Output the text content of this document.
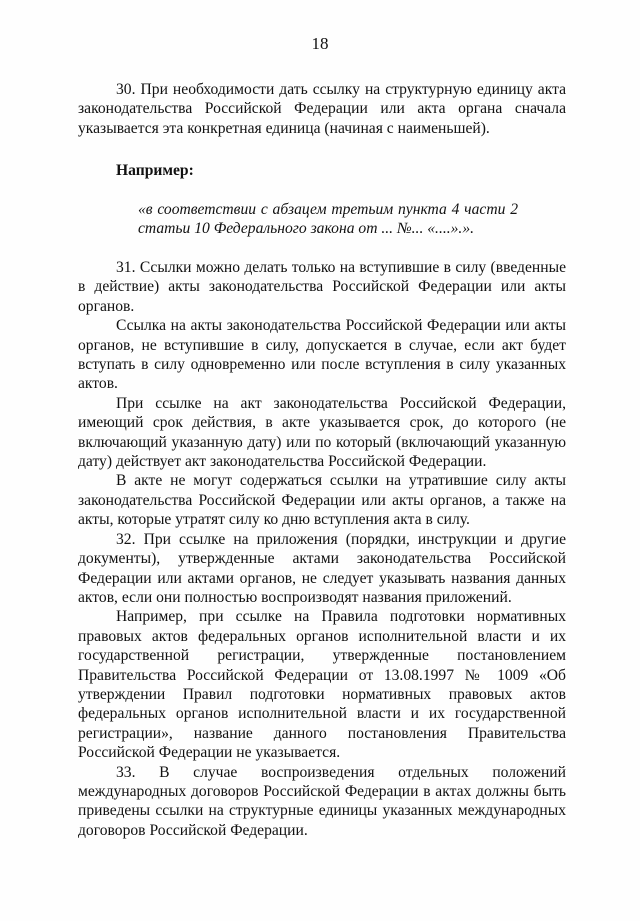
18

30. При необходимости дать ссылку на структурную единицу акта законодательства Российской Федерации или акта органа сначала указывается эта конкретная единица (начиная с наименьшей).

Например:
«в соответствии с абзацем третьим пункта 4 части 2 статьи 10 Федерального закона от ... №... «....».».

31. Ссылки можно делать только на вступившие в силу (введенные в действие) акты законодательства Российской Федерации или акты органов.

Ссылка на акты законодательства Российской Федерации или акты органов, не вступившие в силу, допускается в случае, если акт будет вступать в силу одновременно или после вступления в силу указанных актов.

При ссылке на акт законодательства Российской Федерации, имеющий срок действия, в акте указывается срок, до которого (не включающий указанную дату) или по который (включающий указанную дату) действует акт законодательства Российской Федерации.

В акте не могут содержаться ссылки на утратившие силу акты законодательства Российской Федерации или акты органов, а также на акты, которые утратят силу ко дню вступления акта в силу.

32. При ссылке на приложения (порядки, инструкции и другие документы), утвержденные актами законодательства Российской Федерации или актами органов, не следует указывать названия данных актов, если они полностью воспроизводят названия приложений.

Например, при ссылке на Правила подготовки нормативных правовых актов федеральных органов исполнительной власти и их государственной регистрации, утвержденные постановлением Правительства Российской Федерации от 13.08.1997 № 1009 «Об утверждении Правил подготовки нормативных правовых актов федеральных органов исполнительной власти и их государственной регистрации», название данного постановления Правительства Российской Федерации не указывается.

33. В случае воспроизведения отдельных положений международных договоров Российской Федерации в актах должны быть приведены ссылки на структурные единицы указанных международных договоров Российской Федерации.
